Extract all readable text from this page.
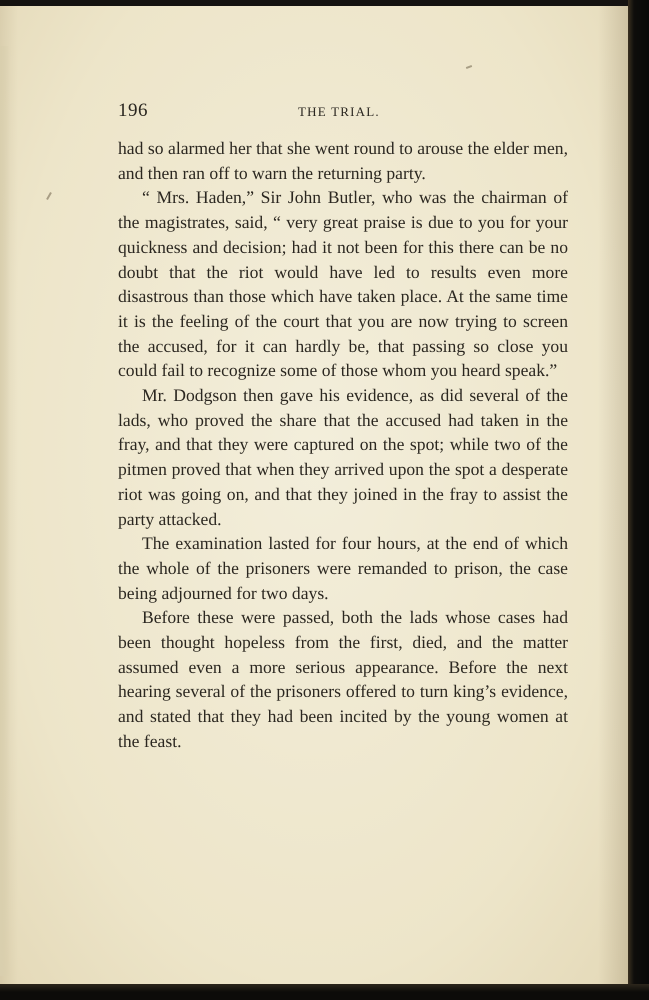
196	THE TRIAL.

had so alarmed her that she went round to arouse the elder men, and then ran off to warn the returning party.

“ Mrs. Haden,” Sir John Butler, who was the chairman of the magistrates, said, “ very great praise is due to you for your quickness and decision; had it not been for this there can be no doubt that the riot would have led to results even more disastrous than those which have taken place. At the same time it is the feeling of the court that you are now trying to screen the accused, for it can hardly be, that passing so close you could fail to recognize some of those whom you heard speak.”

Mr. Dodgson then gave his evidence, as did several of the lads, who proved the share that the accused had taken in the fray, and that they were captured on the spot; while two of the pitmen proved that when they arrived upon the spot a desperate riot was going on, and that they joined in the fray to assist the party attacked.

The examination lasted for four hours, at the end of which the whole of the prisoners were remanded to prison, the case being adjourned for two days.

Before these were passed, both the lads whose cases had been thought hopeless from the first, died, and the matter assumed even a more serious appearance. Before the next hearing several of the prisoners offered to turn king’s evidence, and stated that they had been incited by the young women at the feast.
